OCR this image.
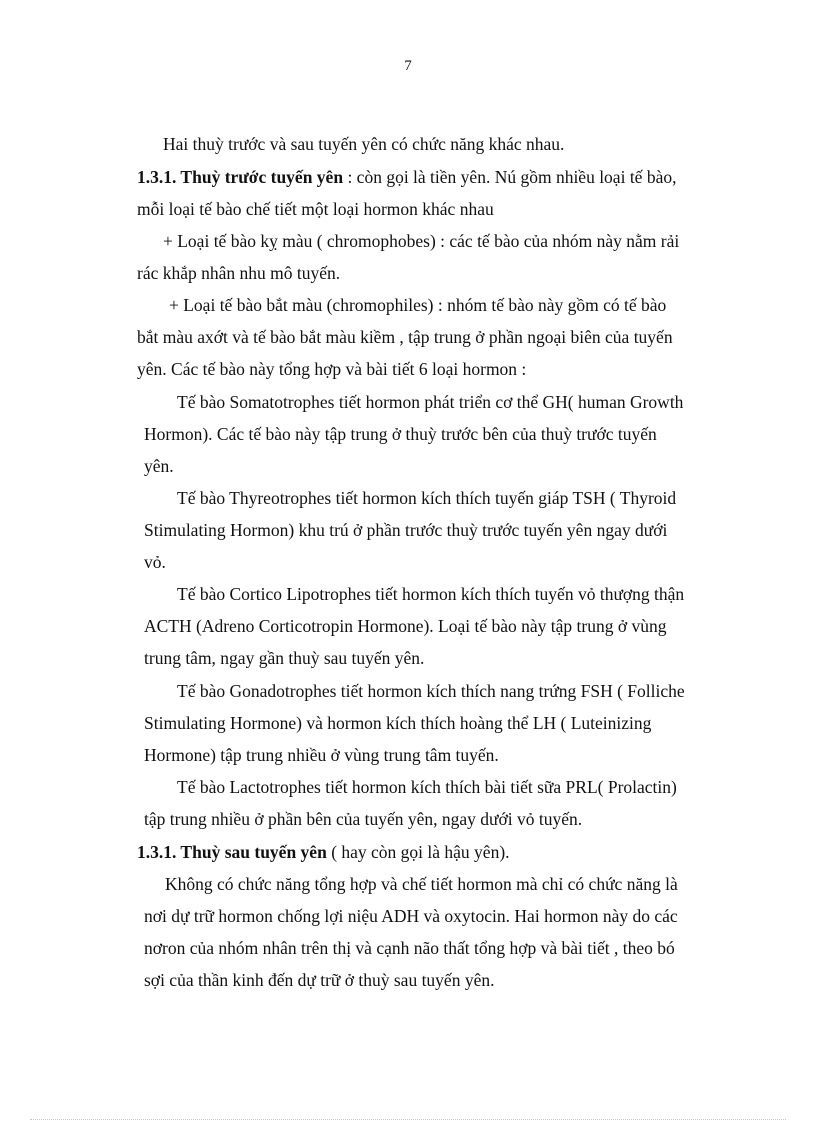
7
Hai thuỳ trước và sau tuyến yên có chức năng khác nhau.
1.3.1. Thuỳ trước tuyến yên : còn gọi là tiền yên. Nú gồm nhiều loại tế bào,
mỗi loại tế bào chế tiết một loại hormon khác nhau
+ Loại tế bào kỵ màu ( chromophobes) : các tế bào của nhóm này nằm rải
rác khắp nhân nhu mô tuyến.
+ Loại tế bào bắt màu (chromophiles) : nhóm tế bào này gồm có tế bào
bắt màu axớt và tế bào bắt màu kiềm , tập trung ở phần ngoại biên của tuyến
yên. Các tế bào này tổng hợp và bài tiết 6 loại hormon :
Tế bào Somatotrophes tiết hormon phát triển cơ thể GH( human Growth
Hormon). Các tế bào này tập trung ở thuỳ trước bên của thuỳ trước tuyến
yên.
Tế bào Thyreotrophes tiết hormon kích thích tuyến giáp TSH ( Thyroid
Stimulating Hormon) khu trú ở phần trước thuỳ trước tuyến yên ngay dưới
vỏ.
Tế bào Cortico Lipotrophes tiết hormon kích thích tuyến vỏ thượng thận
ACTH (Adreno Corticotropin Hormone). Loại tế bào này tập trung ở vùng
trung tâm, ngay gần thuỳ sau tuyến yên.
Tế bào Gonadotrophes tiết hormon kích thích nang trứng FSH ( Folliche
Stimulating Hormone) và hormon kích thích hoàng thể LH ( Luteinizing
Hormone) tập trung nhiều ở vùng trung tâm tuyến.
Tế bào Lactotrophes tiết hormon kích thích bài tiết sữa PRL( Prolactin)
tập trung nhiều ở phần bên của tuyến yên, ngay dưới vỏ tuyến.
1.3.1. Thuỳ sau tuyến yên ( hay còn gọi là hậu yên).
Không có chức năng tổng hợp và chế tiết hormon mà chỉ có chức năng là
nơi dự trữ hormon chống lợi niệu ADH và oxytocin. Hai hormon này do các
nơron của nhóm nhân trên thị và cạnh não thất tổng hợp và bài tiết , theo bó
sợi của thần kinh đến dự trữ ở thuỳ sau tuyến yên.
